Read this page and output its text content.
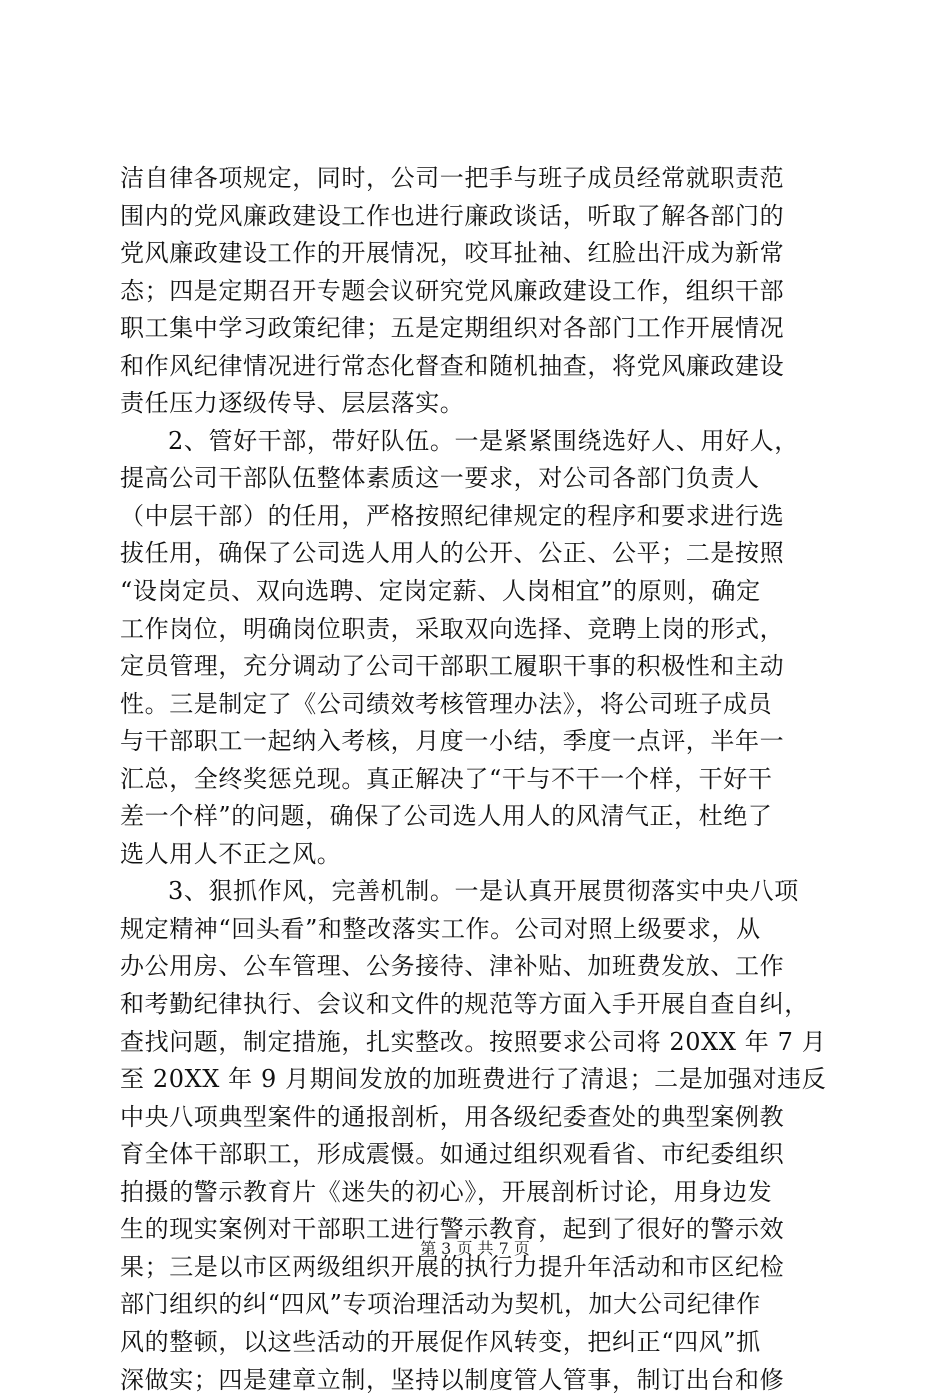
洁自律各项规定，同时，公司一把手与班子成员经常就职责范
围内的党风廉政建设工作也进行廉政谈话，听取了解各部门的
党风廉政建设工作的开展情况，咬耳扯袖、红脸出汗成为新常
态；四是定期召开专题会议研究党风廉政建设工作，组织干部
职工集中学习政策纪律；五是定期组织对各部门工作开展情况
和作风纪律情况进行常态化督查和随机抽查，将党风廉政建设
责任压力逐级传导、层层落实。
2、管好干部，带好队伍。一是紧紧围绕选好人、用好人，
提高公司干部队伍整体素质这一要求，对公司各部门负责人
（中层干部）的任用，严格按照纪律规定的程序和要求进行选
拔任用，确保了公司选人用人的公开、公正、公平；二是按照
“设岗定员、双向选聘、定岗定薪、人岗相宜”的原则，确定
工作岗位，明确岗位职责，采取双向选择、竞聘上岗的形式，
定员管理，充分调动了公司干部职工履职干事的积极性和主动
性。三是制定了《公司绩效考核管理办法》，将公司班子成员
与干部职工一起纳入考核，月度一小结，季度一点评，半年一
汇总，全终奖惩兑现。真正解决了“干与不干一个样，干好干
差一个样”的问题，确保了公司选人用人的风清气正，杜绝了
选人用人不正之风。
3、狠抓作风，完善机制。一是认真开展贯彻落实中央八项
规定精神“回头看”和整改落实工作。公司对照上级要求，从
办公用房、公车管理、公务接待、津补贴、加班费发放、工作
和考勤纪律执行、会议和文件的规范等方面入手开展自查自纠，
查找问题，制定措施，扎实整改。按照要求公司将 20XX 年 7 月
至 20XX 年 9 月期间发放的加班费进行了清退；二是加强对违反
中央八项典型案件的通报剖析，用各级纪委查处的典型案例教
育全体干部职工，形成震慑。如通过组织观看省、市纪委组织
拍摄的警示教育片《迷失的初心》，开展剖析讨论，用身边发
生的现实案例对干部职工进行警示教育，起到了很好的警示效
果；三是以市区两级组织开展的执行力提升年活动和市区纪检
部门组织的纠“四风”专项治理活动为契机，加大公司纪律作
风的整顿，以这些活动的开展促作风转变，把纠正“四风”抓
深做实；四是建章立制，坚持以制度管人管事，制订出台和修
第 3 页 共 7 页
